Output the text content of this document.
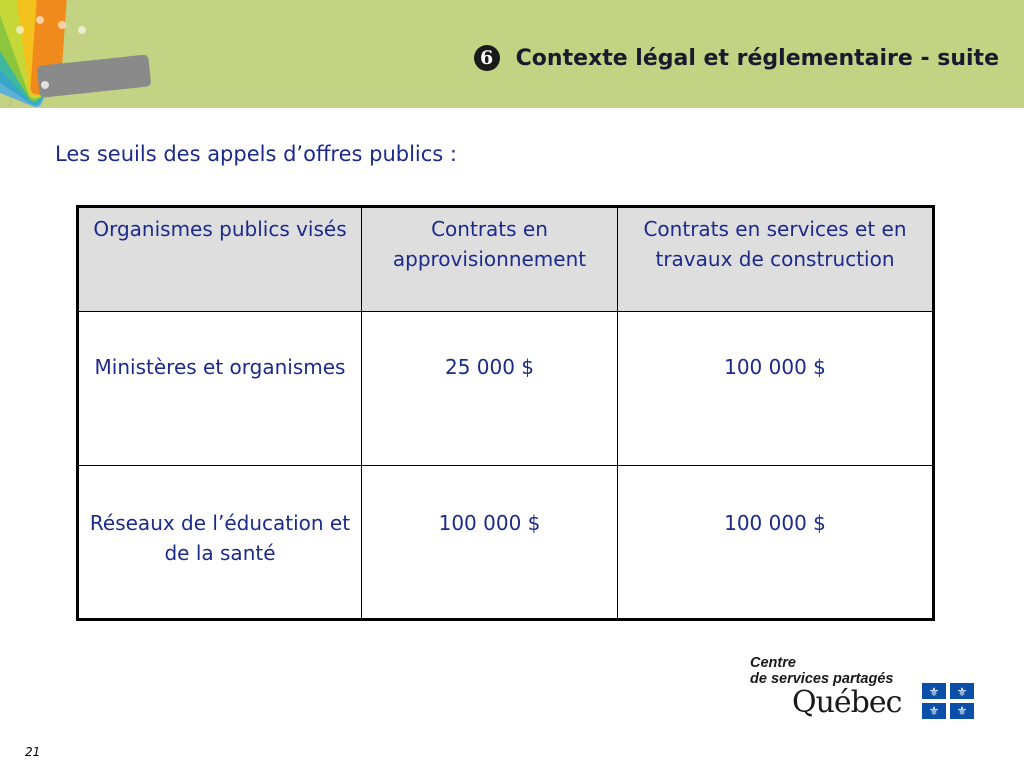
6 Contexte légal et réglementaire - suite
Les seuils des appels d’offres publics :
Organismes publics visés	Contrats en approvisionnement	Contrats en services et en travaux de construction
Ministères et organismes	25 000 $	100 000 $
Réseaux de l’éducation et de la santé	100 000 $	100 000 $
Centre
de services partagés
Québec ⚜ ⚜
⚜ ⚜
21
